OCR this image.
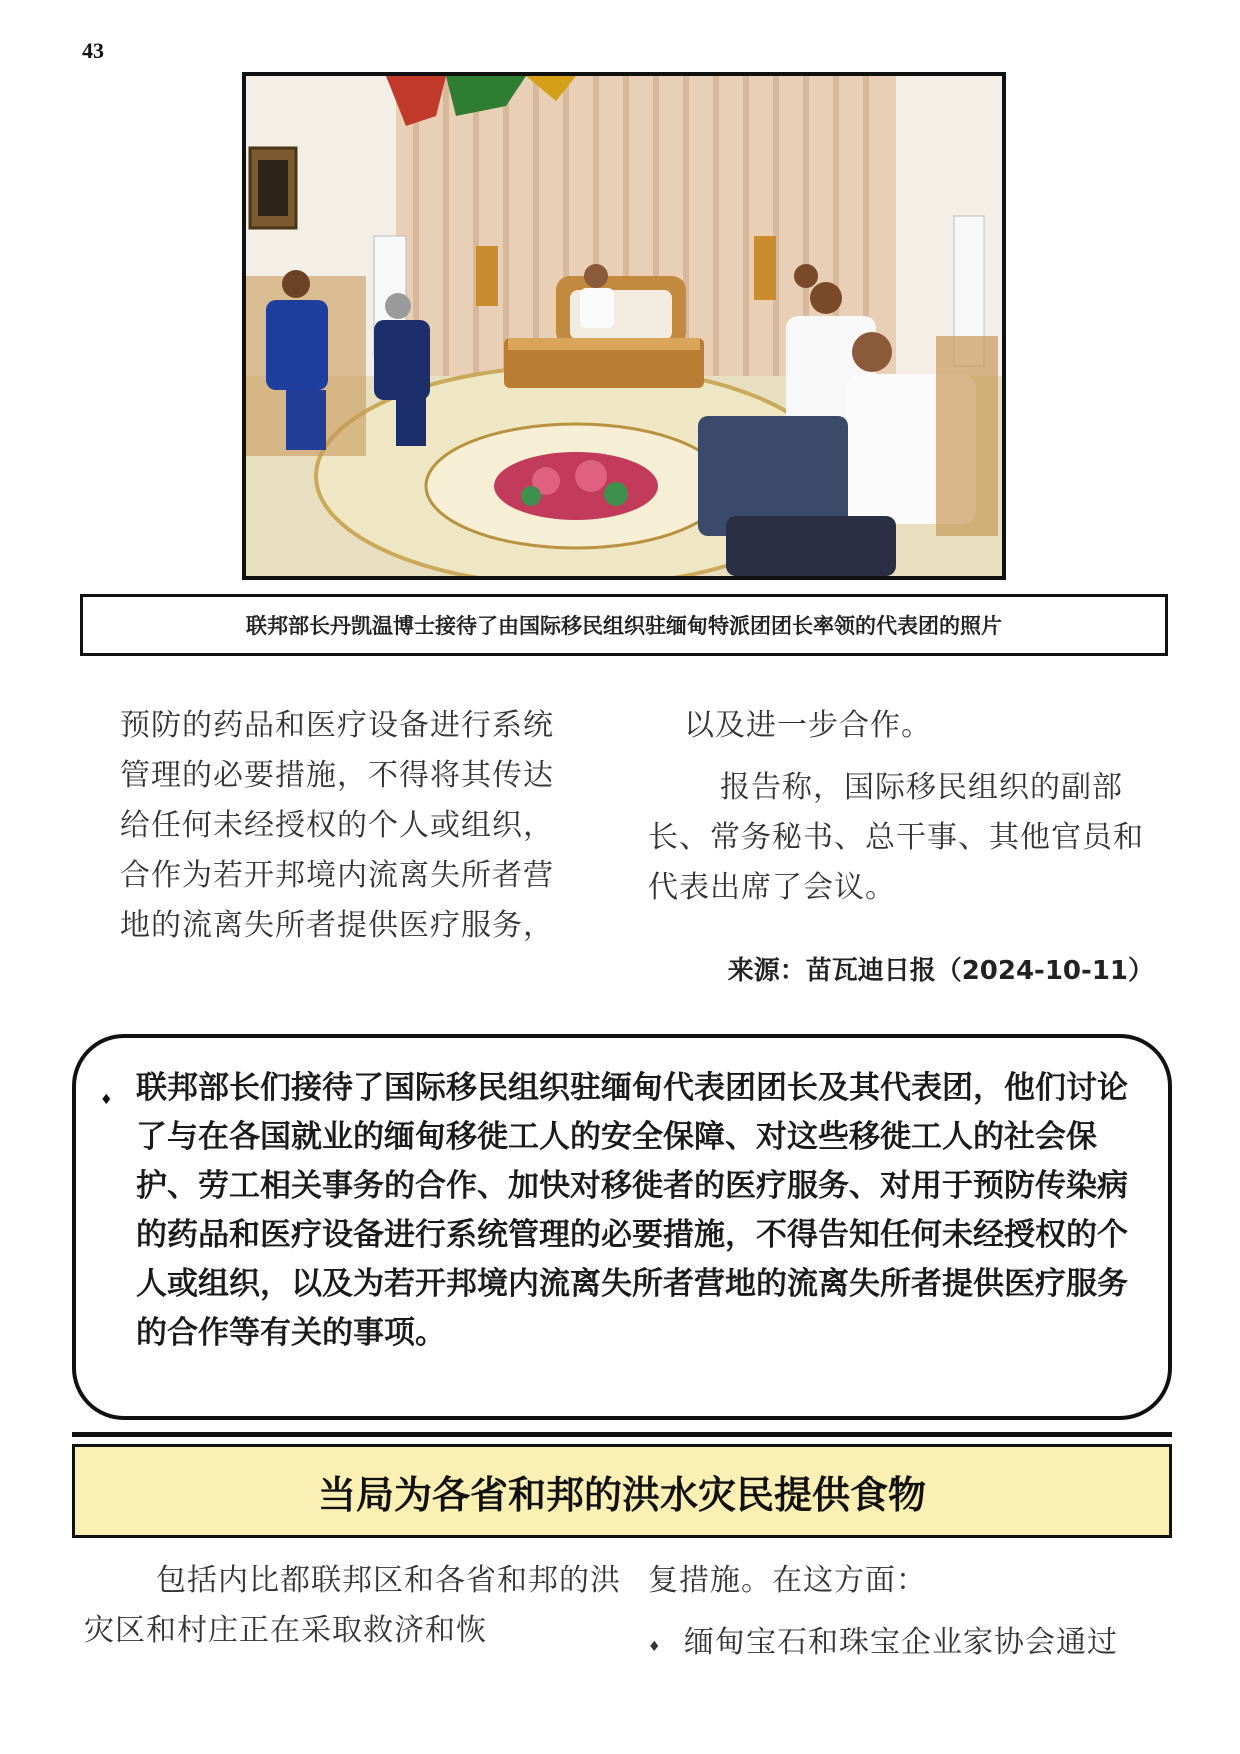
43
联邦部长丹凯温博士接待了由国际移民组织驻缅甸特派团团长率领的代表团的照片

预防的药品和医疗设备进行系统

管理的必要措施，不得将其传达

给任何未经授权的个人或组织，

合作为若开邦境内流离失所者营

地的流离失所者提供医疗服务，

以及进一步合作。

报告称，国际移民组织的副部长、常务秘书、总干事、其他官员和代表出席了会议。

来源：苗瓦迪日报（2024-10-11）
♦ 联邦部长们接待了国际移民组织驻缅甸代表团团长及其代表团，他们讨论了与在各国就业的缅甸移徙工人的安全保障、对这些移徙工人的社会保护、劳工相关事务的合作、加快对移徙者的医疗服务、对用于预防传染病的药品和医疗设备进行系统管理的必要措施，不得告知任何未经授权的个人或组织，以及为若开邦境内流离失所者营地的流离失所者提供医疗服务的合作等有关的事项。
当局为各省和邦的洪水灾民提供食物

包括内比都联邦区和各省和邦的洪灾区和村庄正在采取救济和恢

复措施。在这方面：

♦ 缅甸宝石和珠宝企业家协会通过
